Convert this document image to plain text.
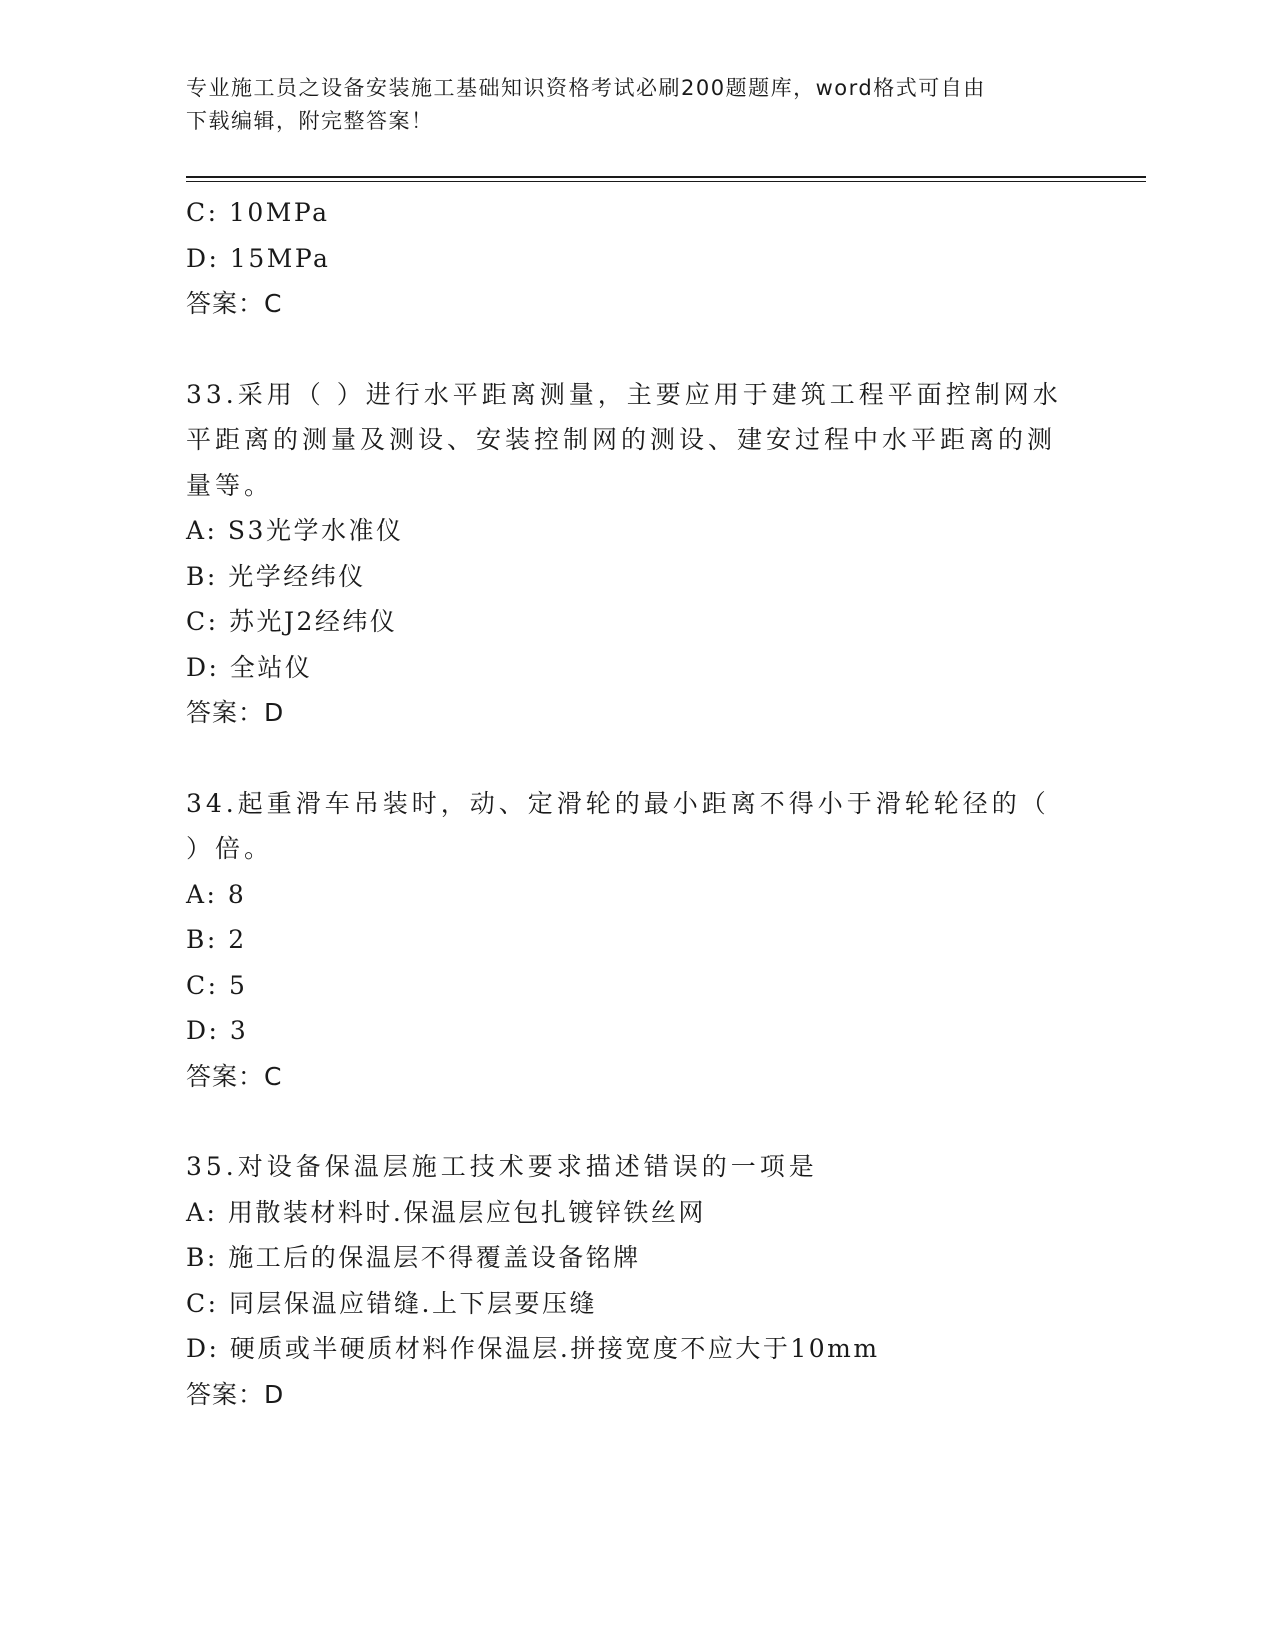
专业施工员之设备安装施工基础知识资格考试必刷200题题库，word格式可自由
下载编辑，附完整答案！
C: 10MPa
D: 15MPa
答案：C
33.采用（ ）进行水平距离测量，主要应用于建筑工程平面控制网水
平距离的测量及测设、安装控制网的测设、建安过程中水平距离的测
量等。
A: S3光学水准仪
B: 光学经纬仪
C: 苏光J2经纬仪
D: 全站仪
答案：D
34.起重滑车吊装时，动、定滑轮的最小距离不得小于滑轮轮径的（
）倍。
A: 8
B: 2
C: 5
D: 3
答案：C
35.对设备保温层施工技术要求描述错误的一项是
A: 用散装材料时.保温层应包扎镀锌铁丝网
B: 施工后的保温层不得覆盖设备铭牌
C: 同层保温应错缝.上下层要压缝
D: 硬质或半硬质材料作保温层.拼接宽度不应大于10mm
答案：D
